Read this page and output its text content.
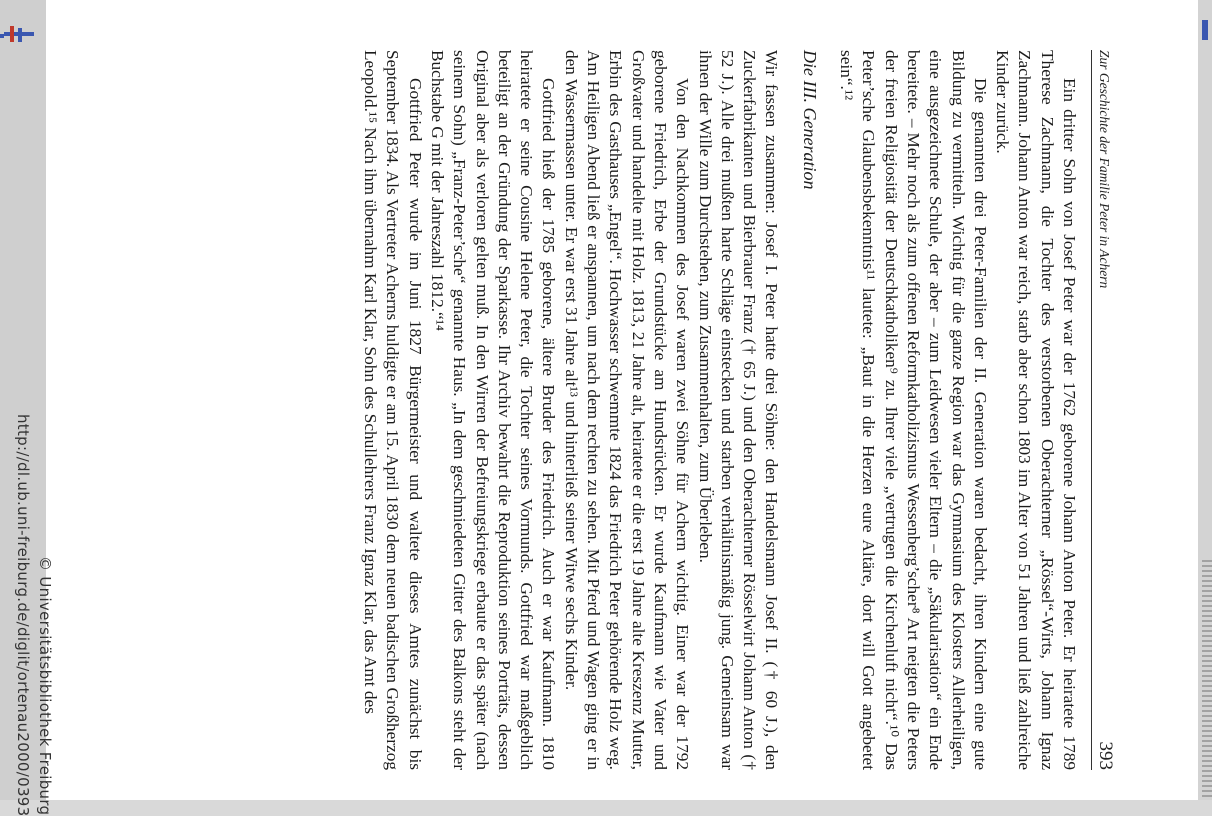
http://dl.ub.uni-freiburg.de/diglit/ortenau2000/0393 © Universitätsbibliothek Freiburg
Zur Geschichte der Familie Peter in Achern
393

Ein dritter Sohn von Josef Peter war der 1762 geborene Johann Anton Peter. Er heiratete 1789 Therese Zachmann, die Tochter des verstorbenen Oberachterner „Rössel“-Wirts, Johann Ignaz Zachmann. Johann Anton war reich, starb aber schon 1803 im Alter von 51 Jahren und ließ zahlreiche Kinder zurück.

Die genannten drei Peter-Familien der II. Generation waren bedacht, ihren Kindern eine gute Bildung zu vermitteln. Wichtig für die ganze Region war das Gymnasium des Klosters Allerheiligen, eine ausgezeichnete Schule, der aber – zum Leidwesen vieler Eltern – die „Säkularisation“ ein Ende bereitete. – Mehr noch als zum offenen Reformkatholizismus Wessenberg’scher⁸ Art neigten die Peters der freien Religiosität der Deutschkatholiken⁹ zu. Ihrer viele „vertrugen die Kirchenluft nicht“.¹⁰ Das Peter’sche Glaubensbekenntnis¹¹ lautete: „Baut in die Herzen eure Altäre, dort will Gott angebetet sein“.¹²

Die III. Generation

Wir fassen zusammen: Josef I. Peter hatte drei Söhne: den Handelsmann Josef II. († 60 J.), den Zuckerfabrikanten und Bierbrauer Franz († 65 J.) und den Oberachterner Rösselwirt Johann Anton († 52 J.). Alle drei mußten harte Schläge einstecken und starben verhältnismäßig jung. Gemeinsam war ihnen der Wille zum Durchstehen, zum Zusammenhalten, zum Überleben.

Von den Nachkommen des Josef waren zwei Söhne für Achern wichtig. Einer war der 1792 geborene Friedrich, Erbe der Grundstücke am Hundsrücken. Er wurde Kaufmann wie Vater und Großvater und handelte mit Holz. 1813, 21 Jahre alt, heiratete er die erst 19 Jahre alte Kreszenz Mutter, Erbin des Gasthauses „Engel“. Hochwasser schwemmte 1824 das Friedrich Peter gehörende Holz weg. Am Heiligen Abend ließ er anspannen, um nach dem rechten zu sehen. Mit Pferd und Wagen ging er in den Wassermassen unter. Er war erst 31 Jahre alt¹³ und hinterließ seiner Witwe sechs Kinder.

Gottfried hieß der 1785 geborene, ältere Bruder des Friedrich. Auch er war Kaufmann. 1810 heiratete er seine Cousine Helene Peter, die Tochter seines Vormunds. Gottfried war maßgeblich beteiligt an der Gründung der Sparkasse. Ihr Archiv bewahrt die Reproduktion seines Porträts, dessen Original aber als verloren gelten muß. In den Wirren der Befreiungskriege erbaute er das später (nach seinem Sohn) „Franz-Peter’sche“ genannte Haus. „In dem geschmiedeten Gitter des Balkons steht der Buchstabe G mit der Jahreszahl 1812.“¹⁴

Gottfried Peter wurde im Juni 1827 Bürgermeister und waltete dieses Amtes zunächst bis September 1834. Als Vertreter Acherns huldigte er am 15. April 1830 dem neuen badischen Großherzog Leopold.¹⁵ Nach ihm übernahm Karl Klar, Sohn des Schullehrers Franz Ignaz Klar, das Amt des
